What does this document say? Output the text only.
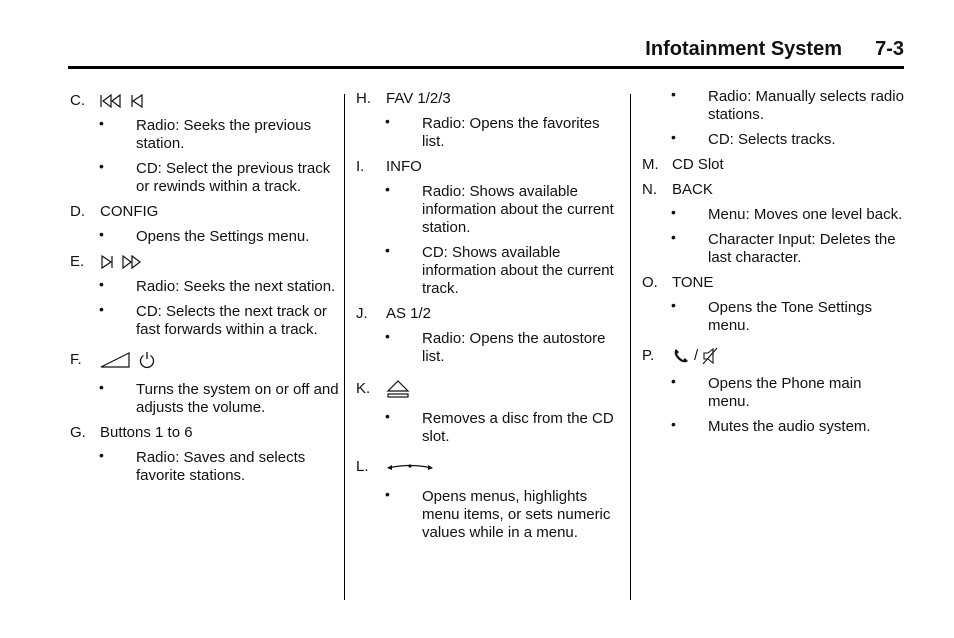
Infotainment System 7-3
C.
• Radio: Seeks the previous station.
• CD: Select the previous track or rewinds within a track.
D. CONFIG
• Opens the Settings menu.
E.
• Radio: Seeks the next station.
• CD: Selects the next track or fast forwards within a track.
F.
• Turns the system on or off and adjusts the volume.
G. Buttons 1 to 6
• Radio: Saves and selects favorite stations.
H. FAV 1/2/3
• Radio: Opens the favorites list.
I. INFO
• Radio: Shows available information about the current station.
• CD: Shows available information about the current track.
J. AS 1/2
• Radio: Opens the autostore list.
K.
• Removes a disc from the CD slot.
L.
• Opens menus, highlights menu items, or sets numeric values while in a menu.
• Radio: Manually selects radio stations.
• CD: Selects tracks.
M. CD Slot
N. BACK
• Menu: Moves one level back.
• Character Input: Deletes the last character.
O. TONE
• Opens the Tone Settings menu.
P.	/
• Opens the Phone main menu.
• Mutes the audio system.
